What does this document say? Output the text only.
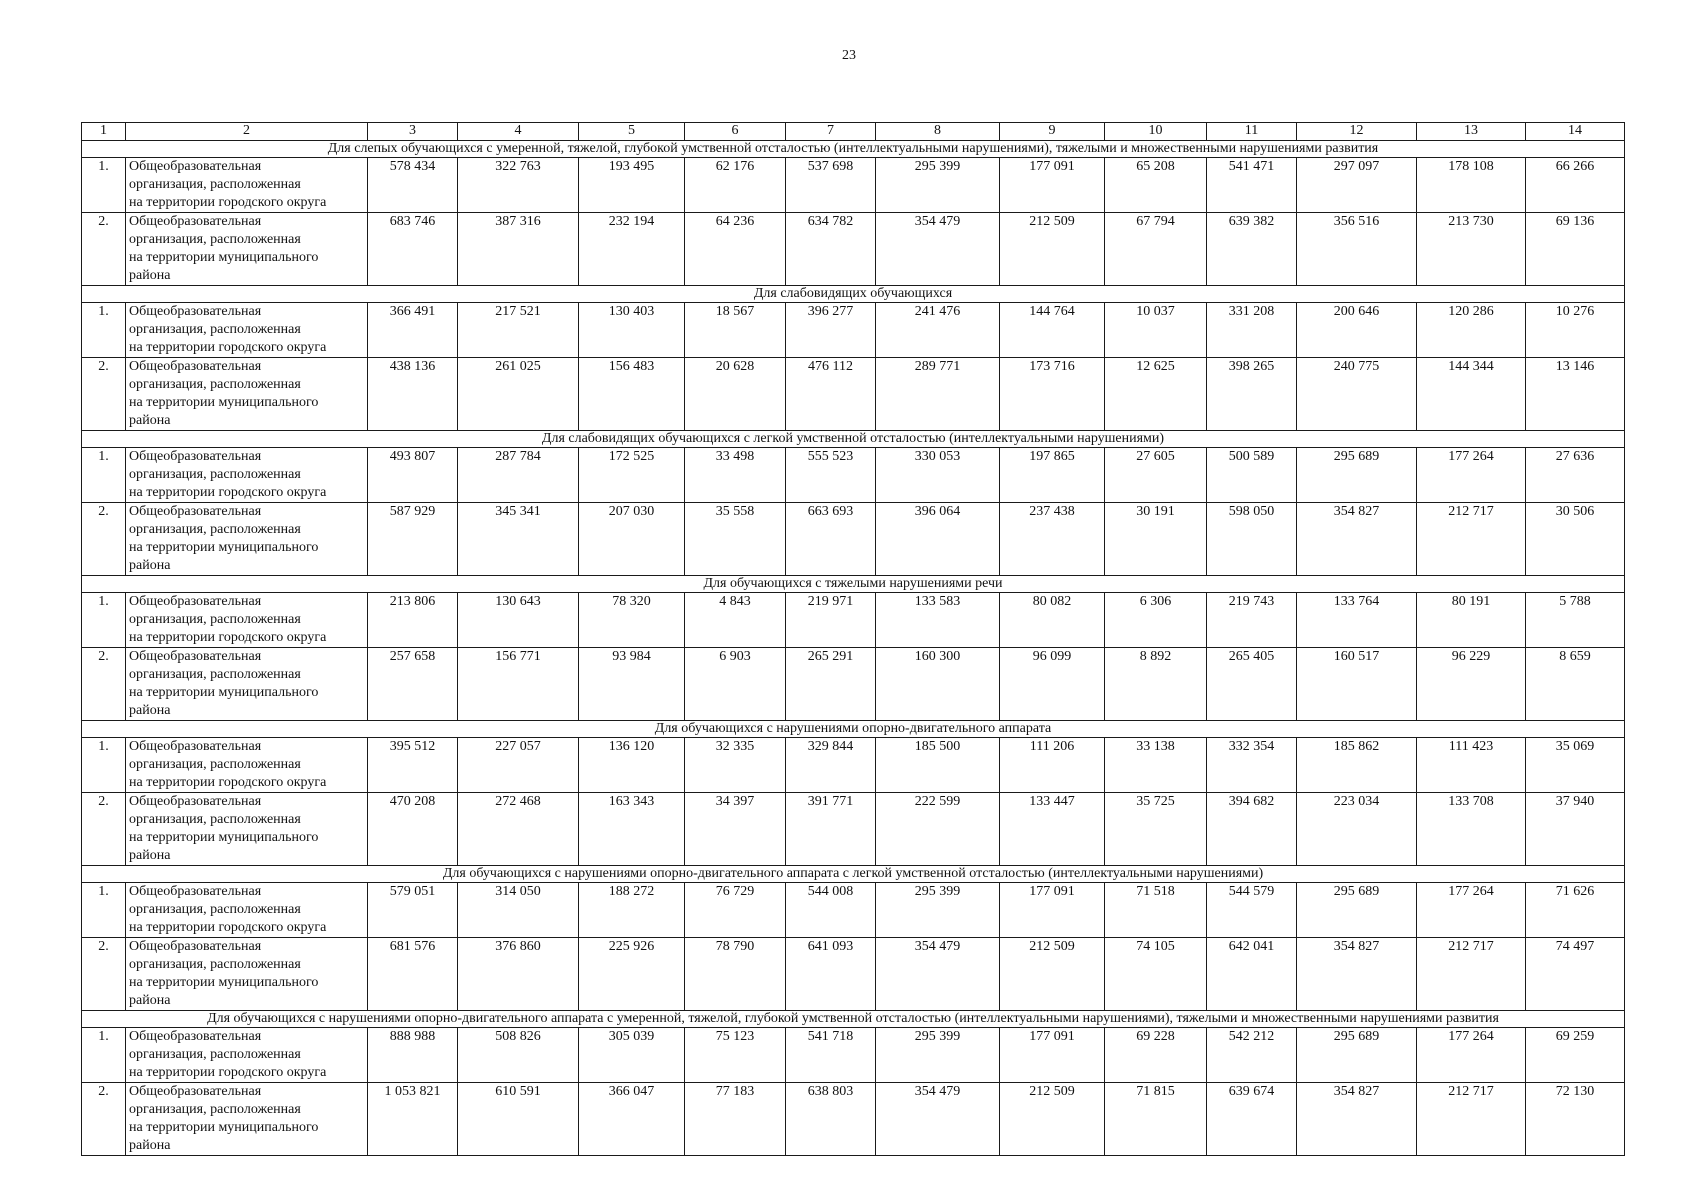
23
1	2	3	4	5	6	7	8	9	10	11	12	13	14
Для слепых обучающихся с умеренной, тяжелой, глубокой умственной отсталостью (интеллектуальными нарушениями), тяжелыми и множественными нарушениями развития													
1.	Общеобразовательная
организация, расположенная
на территории городского округа	578 434	322 763	193 495	62 176	537 698	295 399	177 091	65 208	541 471	297 097	178 108	66 266
2.	Общеобразовательная
организация, расположенная
на территории муниципального
района	683 746	387 316	232 194	64 236	634 782	354 479	212 509	67 794	639 382	356 516	213 730	69 136
Для слабовидящих обучающихся													
1.	Общеобразовательная
организация, расположенная
на территории городского округа	366 491	217 521	130 403	18 567	396 277	241 476	144 764	10 037	331 208	200 646	120 286	10 276
2.	Общеобразовательная
организация, расположенная
на территории муниципального
района	438 136	261 025	156 483	20 628	476 112	289 771	173 716	12 625	398 265	240 775	144 344	13 146
Для слабовидящих обучающихся с легкой умственной отсталостью (интеллектуальными нарушениями)													
1.	Общеобразовательная
организация, расположенная
на территории городского округа	493 807	287 784	172 525	33 498	555 523	330 053	197 865	27 605	500 589	295 689	177 264	27 636
2.	Общеобразовательная
организация, расположенная
на территории муниципального
района	587 929	345 341	207 030	35 558	663 693	396 064	237 438	30 191	598 050	354 827	212 717	30 506
Для обучающихся с тяжелыми нарушениями речи													
1.	Общеобразовательная
организация, расположенная
на территории городского округа	213 806	130 643	78 320	4 843	219 971	133 583	80 082	6 306	219 743	133 764	80 191	5 788
2.	Общеобразовательная
организация, расположенная
на территории муниципального
района	257 658	156 771	93 984	6 903	265 291	160 300	96 099	8 892	265 405	160 517	96 229	8 659
Для обучающихся с нарушениями опорно-двигательного аппарата													
1.	Общеобразовательная
организация, расположенная
на территории городского округа	395 512	227 057	136 120	32 335	329 844	185 500	111 206	33 138	332 354	185 862	111 423	35 069
2.	Общеобразовательная
организация, расположенная
на территории муниципального
района	470 208	272 468	163 343	34 397	391 771	222 599	133 447	35 725	394 682	223 034	133 708	37 940
Для обучающихся с нарушениями опорно-двигательного аппарата с легкой умственной отсталостью (интеллектуальными нарушениями)													
1.	Общеобразовательная
организация, расположенная
на территории городского округа	579 051	314 050	188 272	76 729	544 008	295 399	177 091	71 518	544 579	295 689	177 264	71 626
2.	Общеобразовательная
организация, расположенная
на территории муниципального
района	681 576	376 860	225 926	78 790	641 093	354 479	212 509	74 105	642 041	354 827	212 717	74 497
Для обучающихся с нарушениями опорно-двигательного аппарата с умеренной, тяжелой, глубокой умственной отсталостью (интеллектуальными нарушениями), тяжелыми и множественными нарушениями развития													
1.	Общеобразовательная
организация, расположенная
на территории городского округа	888 988	508 826	305 039	75 123	541 718	295 399	177 091	69 228	542 212	295 689	177 264	69 259
2.	Общеобразовательная
организация, расположенная
на территории муниципального
района	1 053 821	610 591	366 047	77 183	638 803	354 479	212 509	71 815	639 674	354 827	212 717	72 130
